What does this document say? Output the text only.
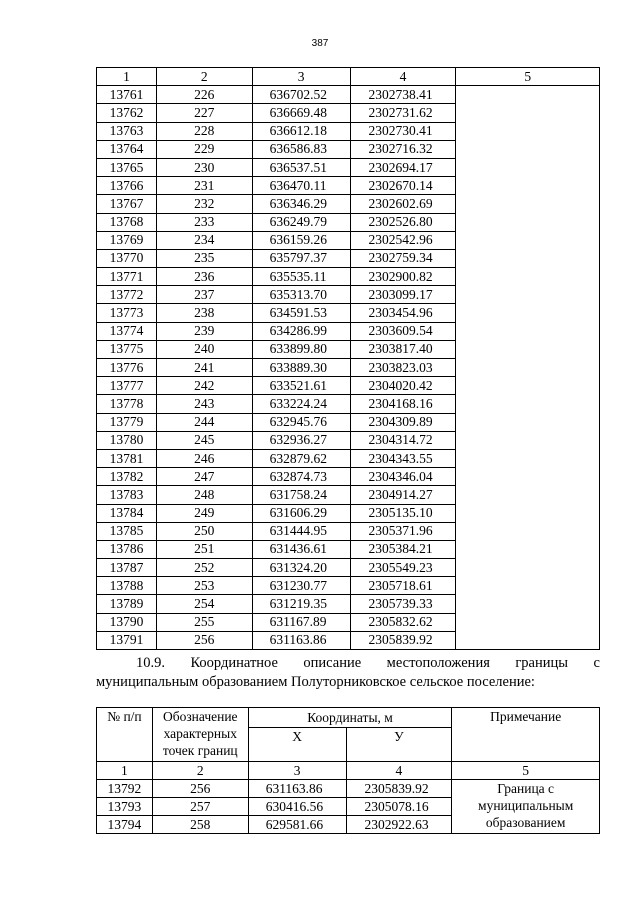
387
1	2	3	4	5
13761	226	636702.52	2302738.41	
13762	227	636669.48	2302731.62	
13763	228	636612.18	2302730.41	
13764	229	636586.83	2302716.32	
13765	230	636537.51	2302694.17	
13766	231	636470.11	2302670.14	
13767	232	636346.29	2302602.69	
13768	233	636249.79	2302526.80	
13769	234	636159.26	2302542.96	
13770	235	635797.37	2302759.34	
13771	236	635535.11	2302900.82	
13772	237	635313.70	2303099.17	
13773	238	634591.53	2303454.96	
13774	239	634286.99	2303609.54	
13775	240	633899.80	2303817.40	
13776	241	633889.30	2303823.03	
13777	242	633521.61	2304020.42	
13778	243	633224.24	2304168.16	
13779	244	632945.76	2304309.89	
13780	245	632936.27	2304314.72	
13781	246	632879.62	2304343.55	
13782	247	632874.73	2304346.04	
13783	248	631758.24	2304914.27	
13784	249	631606.29	2305135.10	
13785	250	631444.95	2305371.96	
13786	251	631436.61	2305384.21	
13787	252	631324.20	2305549.23	
13788	253	631230.77	2305718.61	
13789	254	631219.35	2305739.33	
13790	255	631167.89	2305832.62	
13791	256	631163.86	2305839.92	
10.9. Координатное описание местоположения границы с
муниципальным образованием Полуторниковское сельское поселение:
№ п/п	Обозначение
характерных
точек границ	Координаты, м		Примечание
		X	У	
1	2	3	4	5
13792	256	631163.86	2305839.92	Граница с
муниципальным
образованием

13793	257	630416.56	2305078.16	
13794	258	629581.66	2302922.63	
